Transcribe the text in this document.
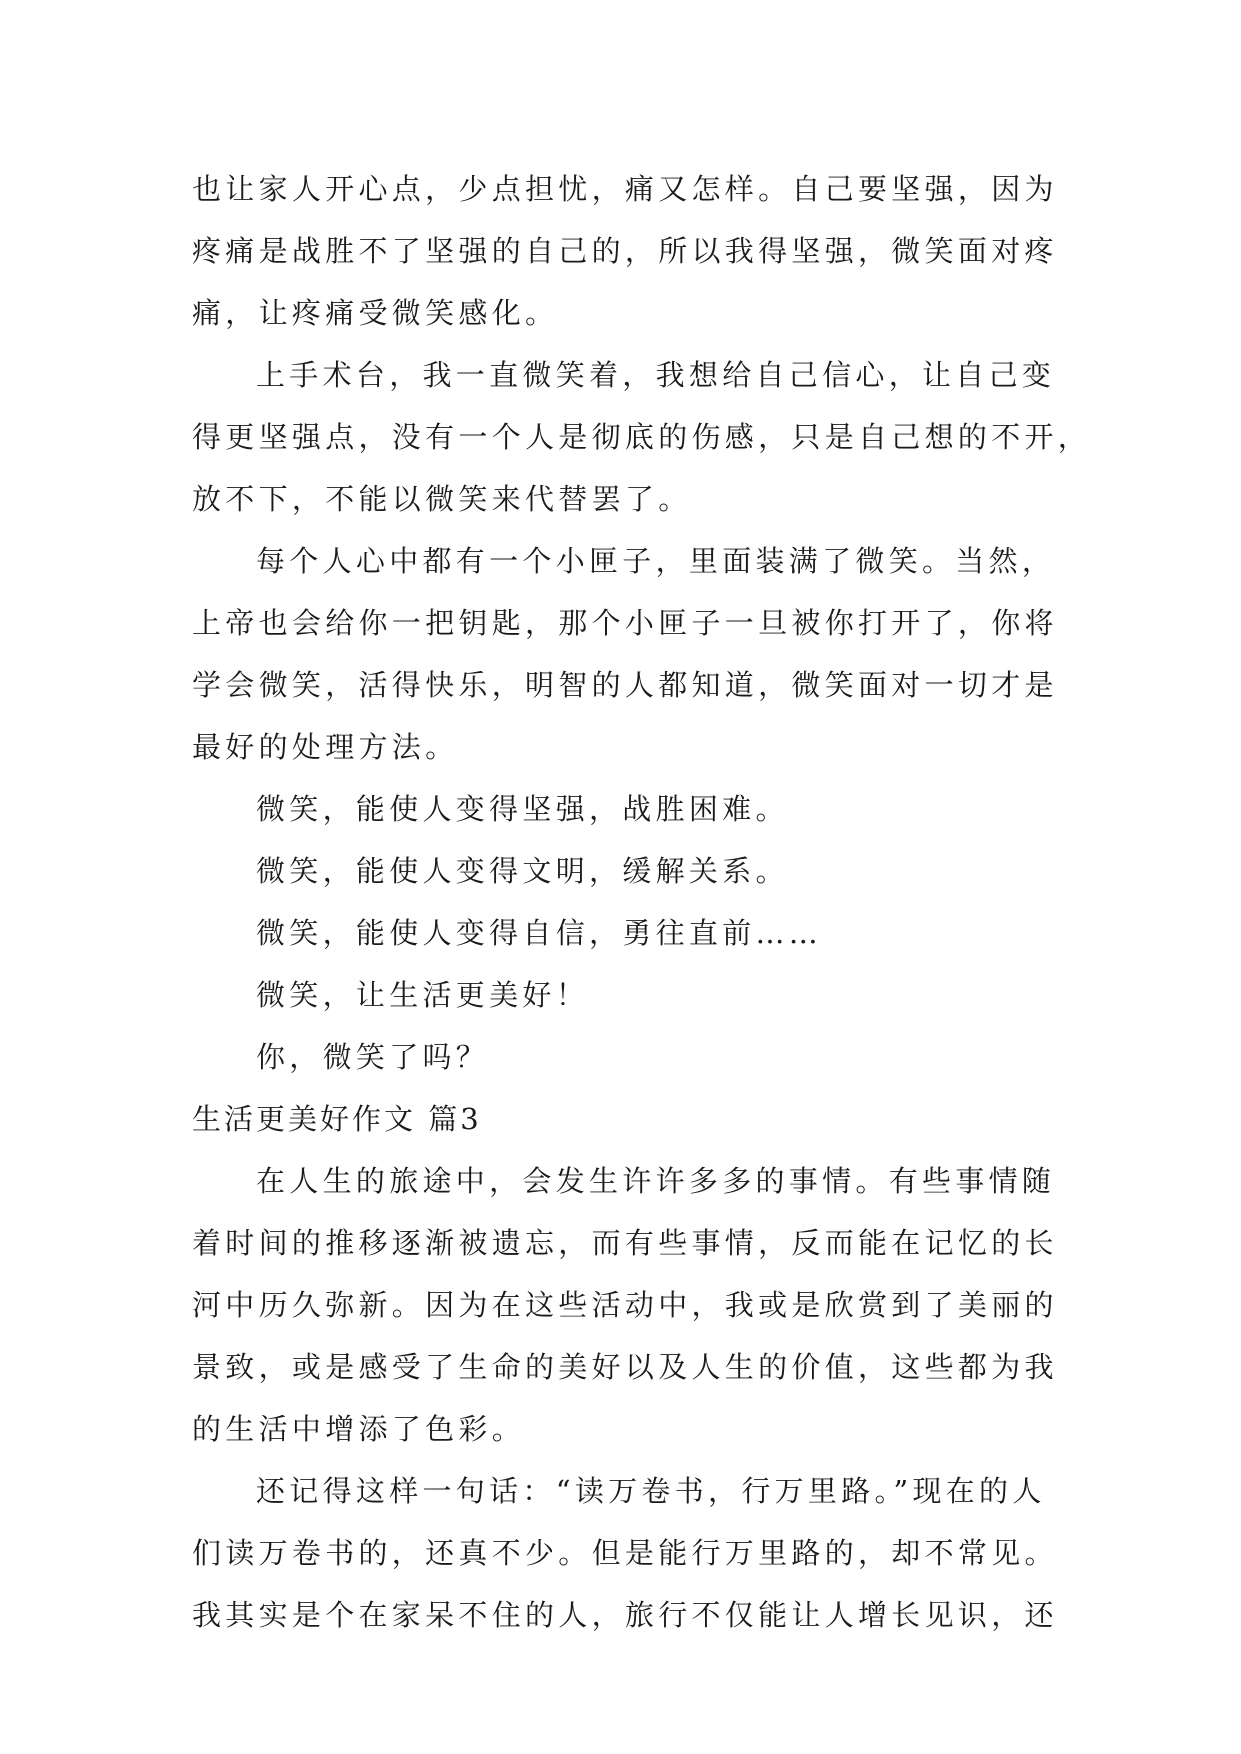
也让家人开心点，少点担忧，痛又怎样。自己要坚强，因为
疼痛是战胜不了坚强的自己的，所以我得坚强，微笑面对疼
痛，让疼痛受微笑感化。
上手术台，我一直微笑着，我想给自己信心，让自己变
得更坚强点，没有一个人是彻底的伤感，只是自己想的不开，
放不下，不能以微笑来代替罢了。
每个人心中都有一个小匣子，里面装满了微笑。当然，
上帝也会给你一把钥匙，那个小匣子一旦被你打开了，你将
学会微笑，活得快乐，明智的人都知道，微笑面对一切才是
最好的处理方法。
微笑，能使人变得坚强，战胜困难。
微笑，能使人变得文明，缓解关系。
微笑，能使人变得自信，勇往直前……
微笑，让生活更美好！
你，微笑了吗？
生活更美好作文 篇3
在人生的旅途中，会发生许许多多的事情。有些事情随
着时间的推移逐渐被遗忘，而有些事情，反而能在记忆的长
河中历久弥新。因为在这些活动中，我或是欣赏到了美丽的
景致，或是感受了生命的美好以及人生的价值，这些都为我
的生活中增添了色彩。
还记得这样一句话：“读万卷书，行万里路。”现在的人
们读万卷书的，还真不少。但是能行万里路的，却不常见。
我其实是个在家呆不住的人，旅行不仅能让人增长见识，还
